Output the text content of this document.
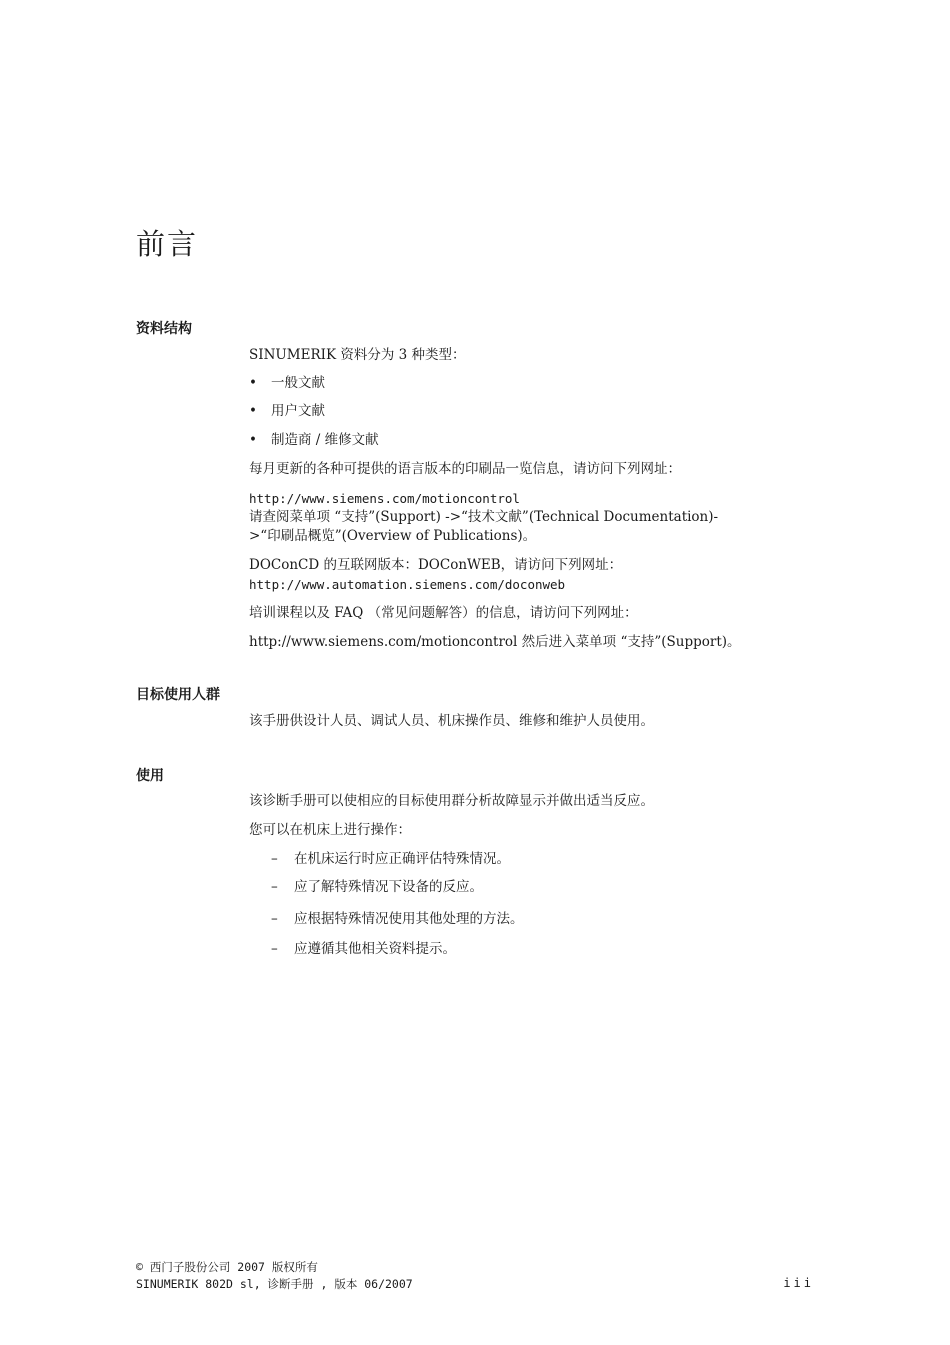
前言
资料结构

SINUMERIK 资料分为 3 种类型：

• 一般文献
• 用户文献
• 制造商 / 维修文献

每月更新的各种可提供的语言版本的印刷品一览信息，请访问下列网址：

http://www.siemens.com/motioncontrol

请查阅菜单项 “支持”(Support) ->“技术文献”(Technical Documentation)-

>“印刷品概览”(Overview of Publications)。

DOConCD 的互联网版本：DOConWEB，请访问下列网址：

http://www.automation.siemens.com/doconweb

培训课程以及 FAQ （常见问题解答）的信息，请访问下列网址：

http://www.siemens.com/motioncontrol 然后进入菜单项 “支持”(Support)。

目标使用人群

该手册供设计人员、调试人员、机床操作员、维修和维护人员使用。

使用

该诊断手册可以使相应的目标使用群分析故障显示并做出适当反应。

您可以在机床上进行操作：

– 在机床运行时应正确评估特殊情况。
– 应了解特殊情况下设备的反应。
– 应根据特殊情况使用其他处理的方法。
– 应遵循其他相关资料提示。
© 西门子股份公司 2007 版权所有
SINUMERIK 802D sl, 诊断手册 , 版本 06/2007	iii
